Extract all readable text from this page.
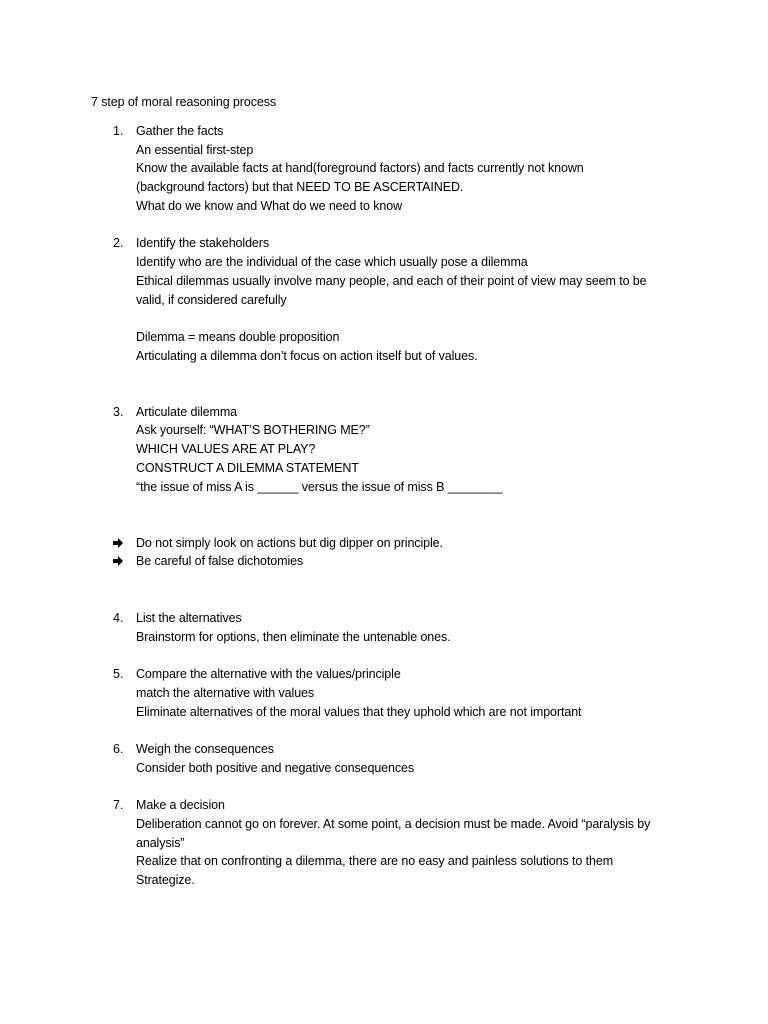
7 step of moral reasoning process
1. Gather the facts
An essential first-step
Know the available facts at hand(foreground factors) and facts currently not known
(background factors) but that NEED TO BE ASCERTAINED.
What do we know and What do we need to know
2. Identify the stakeholders
Identify who are the individual of the case which usually pose a dilemma
Ethical dilemmas usually involve many people, and each of their point of view may seem to be
valid, if considered carefully
Dilemma = means double proposition
Articulating a dilemma don’t focus on action itself but of values.
3. Articulate dilemma
Ask yourself: “WHAT’S BOTHERING ME?”
WHICH VALUES ARE AT PLAY?
CONSTRUCT A DILEMMA STATEMENT
“the issue of miss A is ______ versus the issue of miss B ________
Do not simply look on actions but dig dipper on principle.
Be careful of false dichotomies
4. List the alternatives
Brainstorm for options, then eliminate the untenable ones.
5. Compare the alternative with the values/principle
match the alternative with values
Eliminate alternatives of the moral values that they uphold which are not important
6. Weigh the consequences
Consider both positive and negative consequences
7. Make a decision
Deliberation cannot go on forever. At some point, a decision must be made. Avoid “paralysis by
analysis”
Realize that on confronting a dilemma, there are no easy and painless solutions to them
Strategize.
